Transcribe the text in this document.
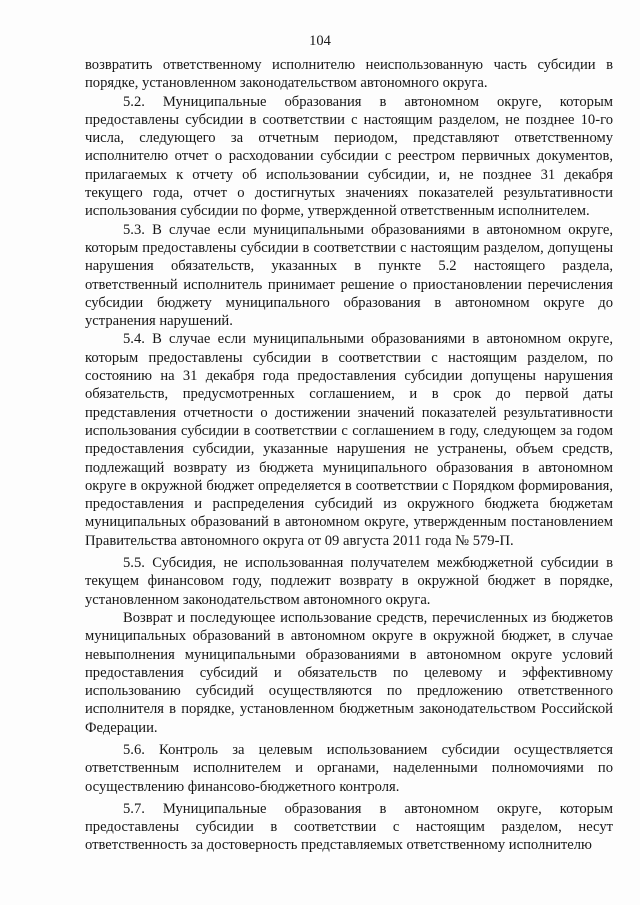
104

возвратить ответственному исполнителю неиспользованную часть субсидии в порядке, установленном законодательством автономного округа.

5.2. Муниципальные образования в автономном округе, которым предоставлены субсидии в соответствии с настоящим разделом, не позднее 10-го числа, следующего за отчетным периодом, представляют ответственному исполнителю отчет о расходовании субсидии с реестром первичных документов, прилагаемых к отчету об использовании субсидии, и, не позднее 31 декабря текущего года, отчет о достигнутых значениях показателей результативности использования субсидии по форме, утвержденной ответственным исполнителем.

5.3. В случае если муниципальными образованиями в автономном округе, которым предоставлены субсидии в соответствии с настоящим разделом, допущены нарушения обязательств, указанных в пункте 5.2 настоящего раздела, ответственный исполнитель принимает решение о приостановлении перечисления субсидии бюджету муниципального образования в автономном округе до устранения нарушений.

5.4. В случае если муниципальными образованиями в автономном округе, которым предоставлены субсидии в соответствии с настоящим разделом, по состоянию на 31 декабря года предоставления субсидии допущены нарушения обязательств, предусмотренных соглашением, и в срок до первой даты представления отчетности о достижении значений показателей результативности использования субсидии в соответствии с соглашением в году, следующем за годом предоставления субсидии, указанные нарушения не устранены, объем средств, подлежащий возврату из бюджета муниципального образования в автономном округе в окружной бюджет определяется в соответствии с Порядком формирования, предоставления и распределения субсидий из окружного бюджета бюджетам муниципальных образований в автономном округе, утвержденным постановлением Правительства автономного округа от 09 августа 2011 года № 579-П.

5.5. Субсидия, не использованная получателем межбюджетной субсидии в текущем финансовом году, подлежит возврату в окружной бюджет в порядке, установленном законодательством автономного округа.

Возврат и последующее использование средств, перечисленных из бюджетов муниципальных образований в автономном округе в окружной бюджет, в случае невыполнения муниципальными образованиями в автономном округе условий предоставления субсидий и обязательств по целевому и эффективному использованию субсидий осуществляются по предложению ответственного исполнителя в порядке, установленном бюджетным законодательством Российской Федерации.

5.6. Контроль за целевым использованием субсидии осуществляется ответственным исполнителем и органами, наделенными полномочиями по осуществлению финансово-бюджетного контроля.

5.7. Муниципальные образования в автономном округе, которым предоставлены субсидии в соответствии с настоящим разделом, несут ответственность за достоверность представляемых ответственному исполнителю
